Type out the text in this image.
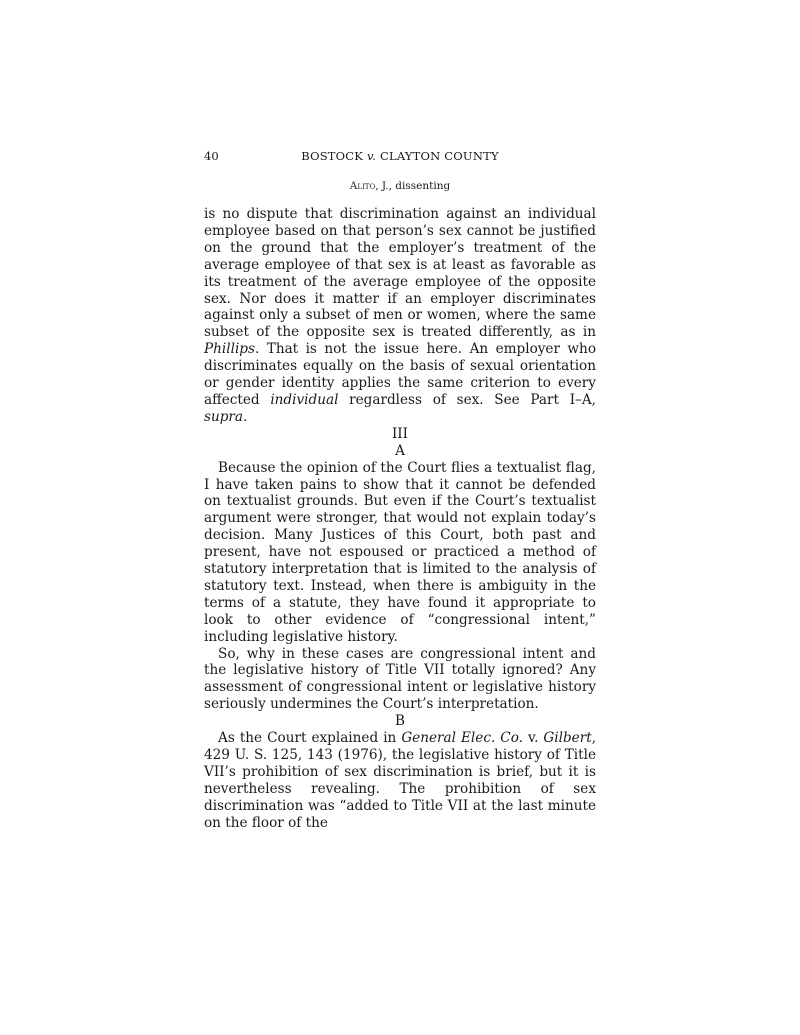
40	BOSTOCK v. CLAYTON COUNTY
Alito, J., dissenting

is no dispute that discrimination against an individual employee based on that person’s sex cannot be justified on the ground that the employer’s treatment of the average employee of that sex is at least as favorable as its treatment of the average employee of the opposite sex. Nor does it matter if an employer discriminates against only a subset of men or women, where the same subset of the opposite sex is treated differently, as in Phillips. That is not the issue here. An employer who discriminates equally on the basis of sexual orientation or gender identity applies the same criterion to every affected individual regardless of sex. See Part I–A, supra.

III

A

Because the opinion of the Court flies a textualist flag, I have taken pains to show that it cannot be defended on textualist grounds. But even if the Court’s textualist argument were stronger, that would not explain today’s decision. Many Justices of this Court, both past and present, have not espoused or practiced a method of statutory interpretation that is limited to the analysis of statutory text. Instead, when there is ambiguity in the terms of a statute, they have found it appropriate to look to other evidence of “congressional intent,” including legislative history.

So, why in these cases are congressional intent and the legislative history of Title VII totally ignored? Any assessment of congressional intent or legislative history seriously undermines the Court’s interpretation.

B

As the Court explained in General Elec. Co. v. Gilbert, 429 U. S. 125, 143 (1976), the legislative history of Title VII’s prohibition of sex discrimination is brief, but it is nevertheless revealing. The prohibition of sex discrimination was “added to Title VII at the last minute on the floor of the
